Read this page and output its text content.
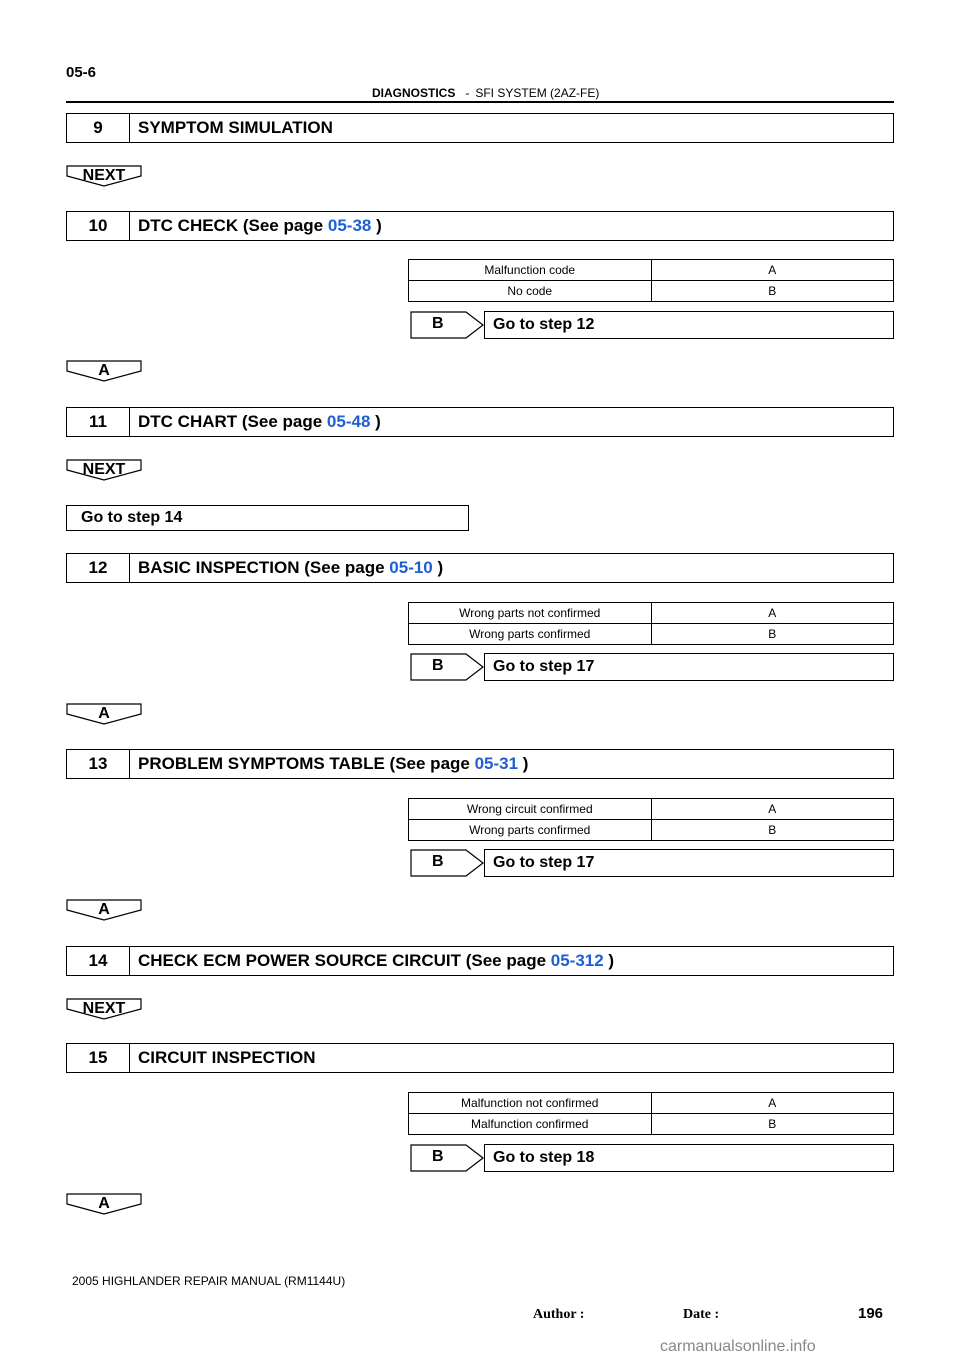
05-6
DIAGNOSTICS - SFI SYSTEM (2AZ-FE)
9	SYMPTOM SIMULATION
NEXT
10	DTC CHECK (See page 05-38 )
Malfunction code	A
No code	B
B	Go to step 12
A
11	DTC CHART (See page 05-48 )
NEXT
Go to step 14
12	BASIC INSPECTION (See page 05-10 )
Wrong parts not confirmed	A
Wrong parts confirmed	B
B	Go to step 17
A
13	PROBLEM SYMPTOMS TABLE (See page 05-31 )
Wrong circuit confirmed	A
Wrong parts confirmed	B
B	Go to step 17
A
14	CHECK ECM POWER SOURCE CIRCUIT (See page 05-312 )
NEXT
15	CIRCUIT INSPECTION
Malfunction not confirmed	A
Malfunction confirmed	B
B	Go to step 18
A
2005 HIGHLANDER REPAIR MANUAL (RM1144U)
196
Author :	Date :
carmanualsonline.info
